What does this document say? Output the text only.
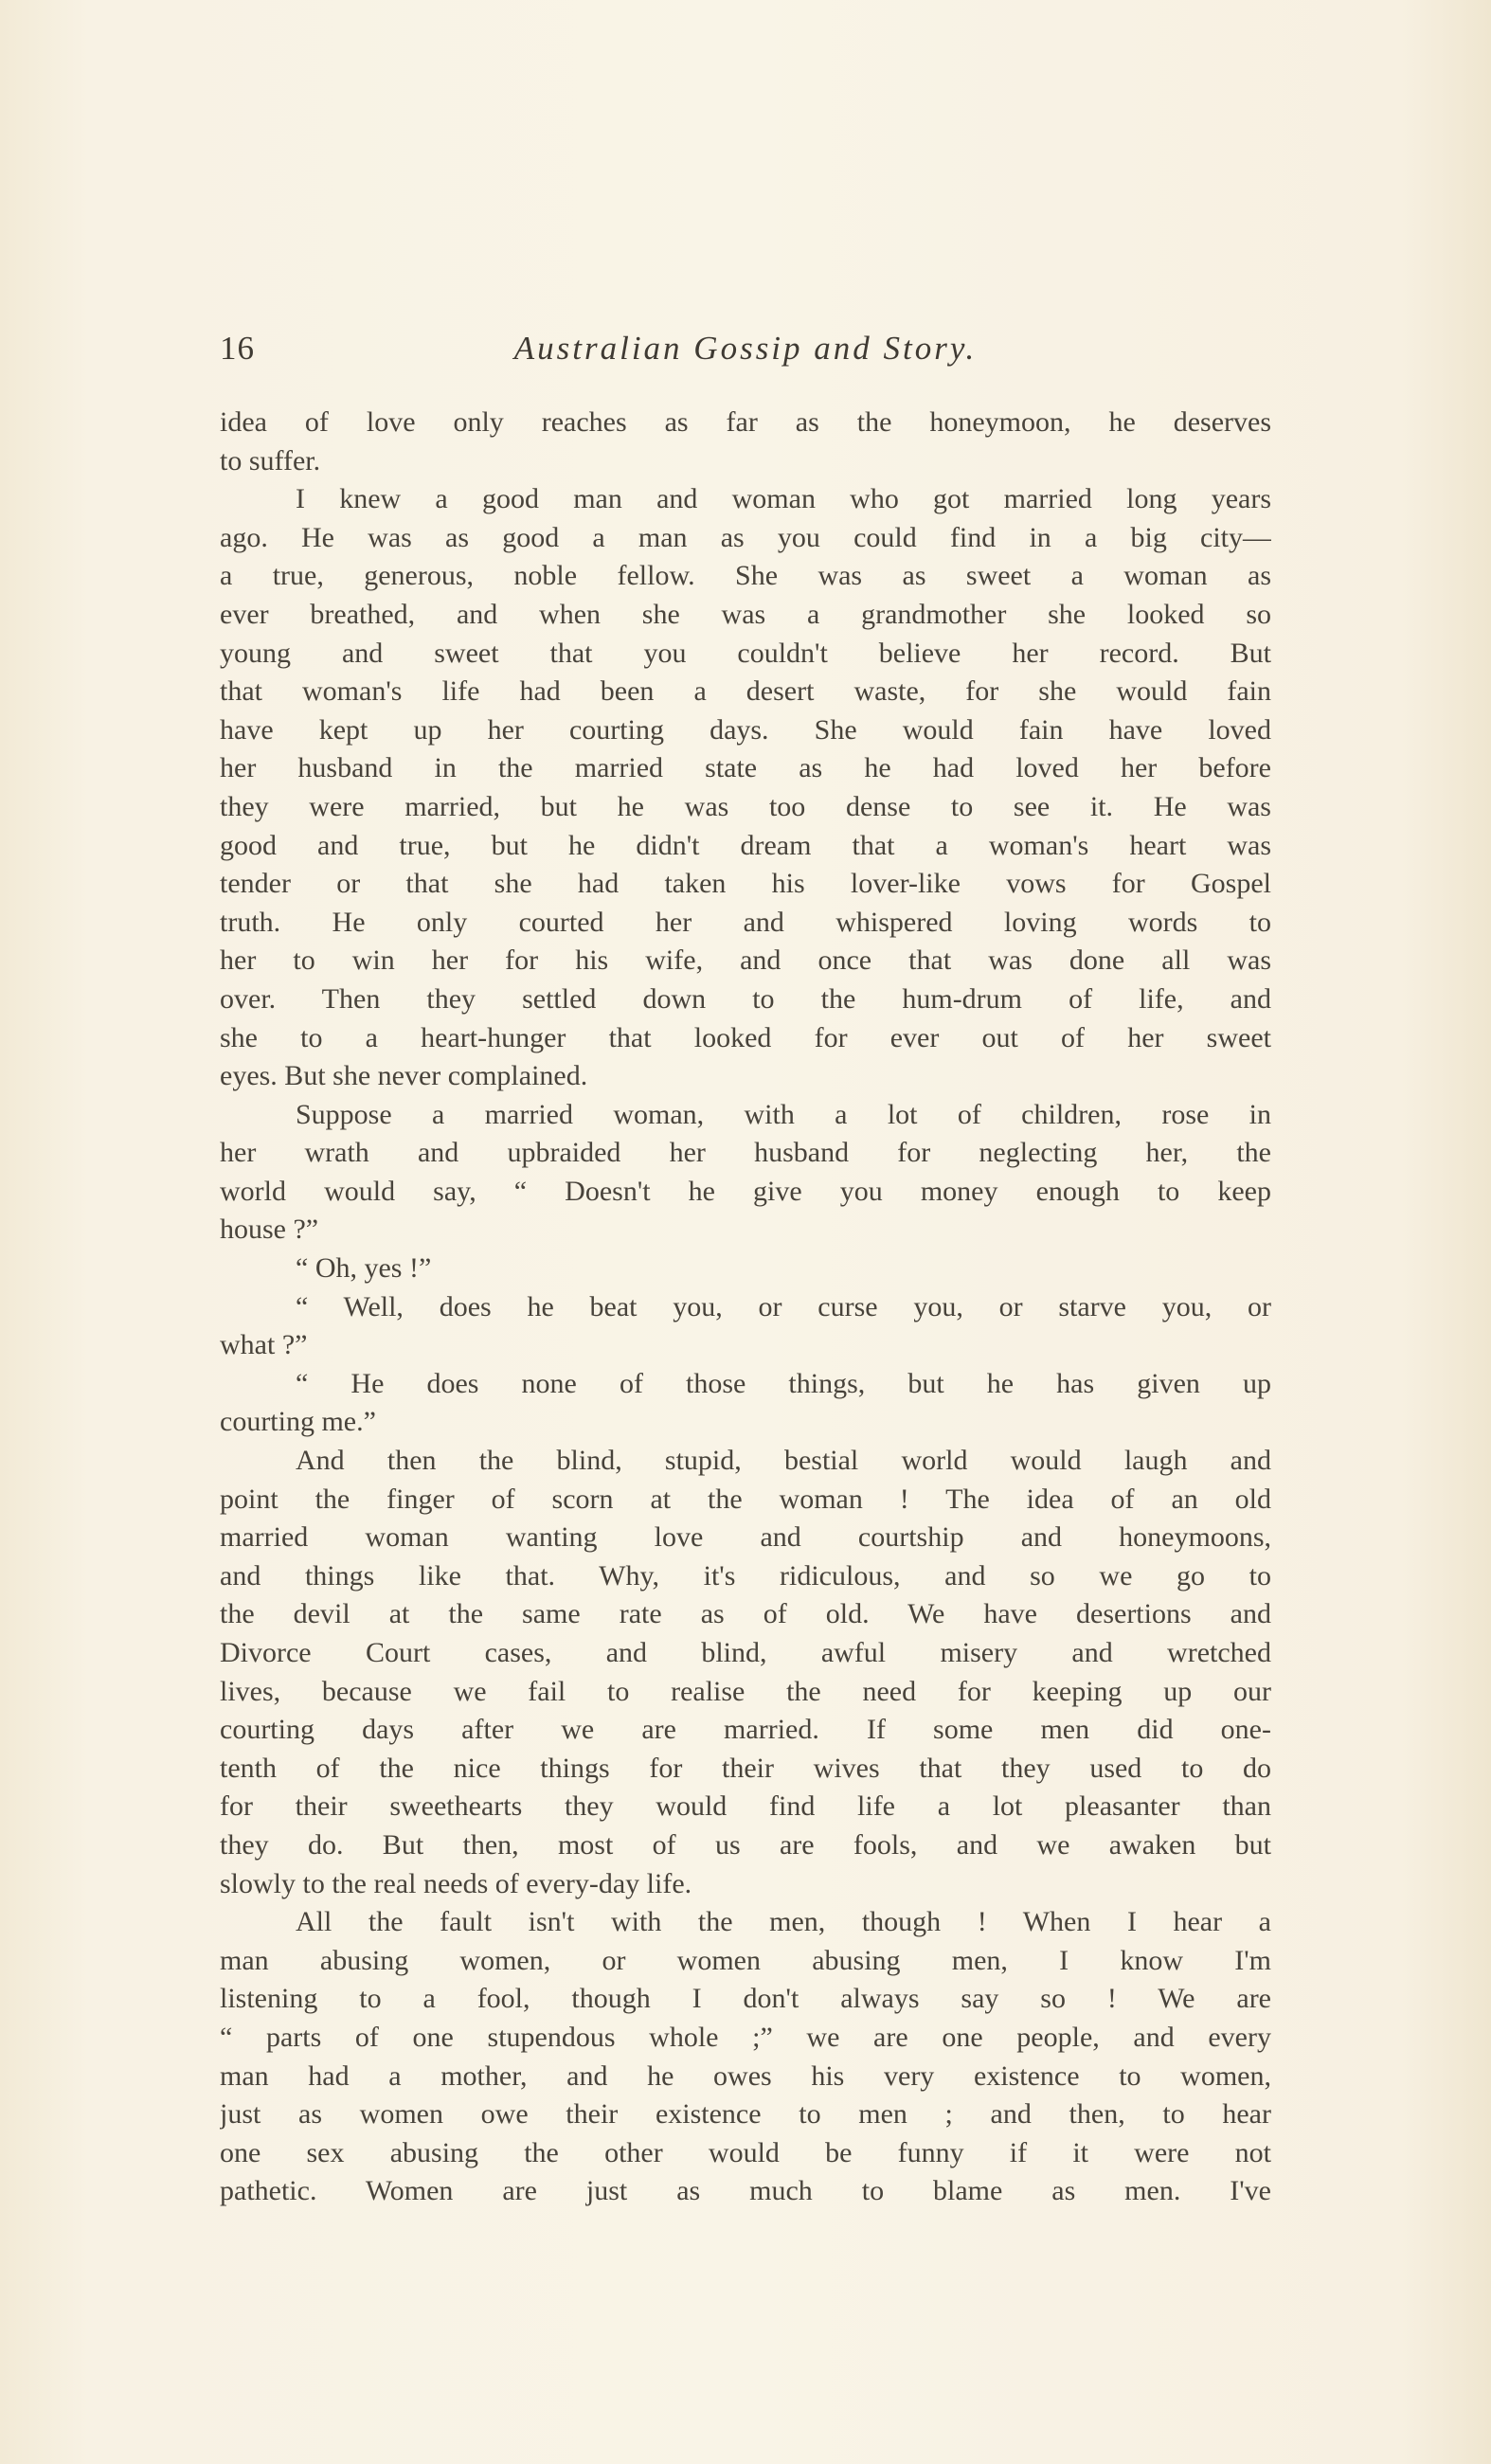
16	Australian Gossip and Story.
idea of love only reaches as far as the honeymoon, he deserves
to suffer.
I knew a good man and woman who got married long years
ago. He was as good a man as you could find in a big city—
a true, generous, noble fellow. She was as sweet a woman as
ever breathed, and when she was a grandmother she looked so
young and sweet that you couldn't believe her record. But
that woman's life had been a desert waste, for she would fain
have kept up her courting days. She would fain have loved
her husband in the married state as he had loved her before
they were married, but he was too dense to see it. He was
good and true, but he didn't dream that a woman's heart was
tender or that she had taken his lover-like vows for Gospel
truth. He only courted her and whispered loving words to
her to win her for his wife, and once that was done all was
over. Then they settled down to the hum-drum of life, and
she to a heart-hunger that looked for ever out of her sweet
eyes. But she never complained.
Suppose a married woman, with a lot of children, rose in
her wrath and upbraided her husband for neglecting her, the
world would say, “ Doesn't he give you money enough to keep
house ?”
“ Oh, yes !”
“ Well, does he beat you, or curse you, or starve you, or
what ?”
“ He does none of those things, but he has given up
courting me.”
And then the blind, stupid, bestial world would laugh and
point the finger of scorn at the woman ! The idea of an old
married woman wanting love and courtship and honeymoons,
and things like that. Why, it's ridiculous, and so we go to
the devil at the same rate as of old. We have desertions and
Divorce Court cases, and blind, awful misery and wretched
lives, because we fail to realise the need for keeping up our
courting days after we are married. If some men did one-
tenth of the nice things for their wives that they used to do
for their sweethearts they would find life a lot pleasanter than
they do. But then, most of us are fools, and we awaken but
slowly to the real needs of every-day life.
All the fault isn't with the men, though ! When I hear a
man abusing women, or women abusing men, I know I'm
listening to a fool, though I don't always say so ! We are
“ parts of one stupendous whole ;” we are one people, and every
man had a mother, and he owes his very existence to women,
just as women owe their existence to men ; and then, to hear
one sex abusing the other would be funny if it were not
pathetic. Women are just as much to blame as men. I've
